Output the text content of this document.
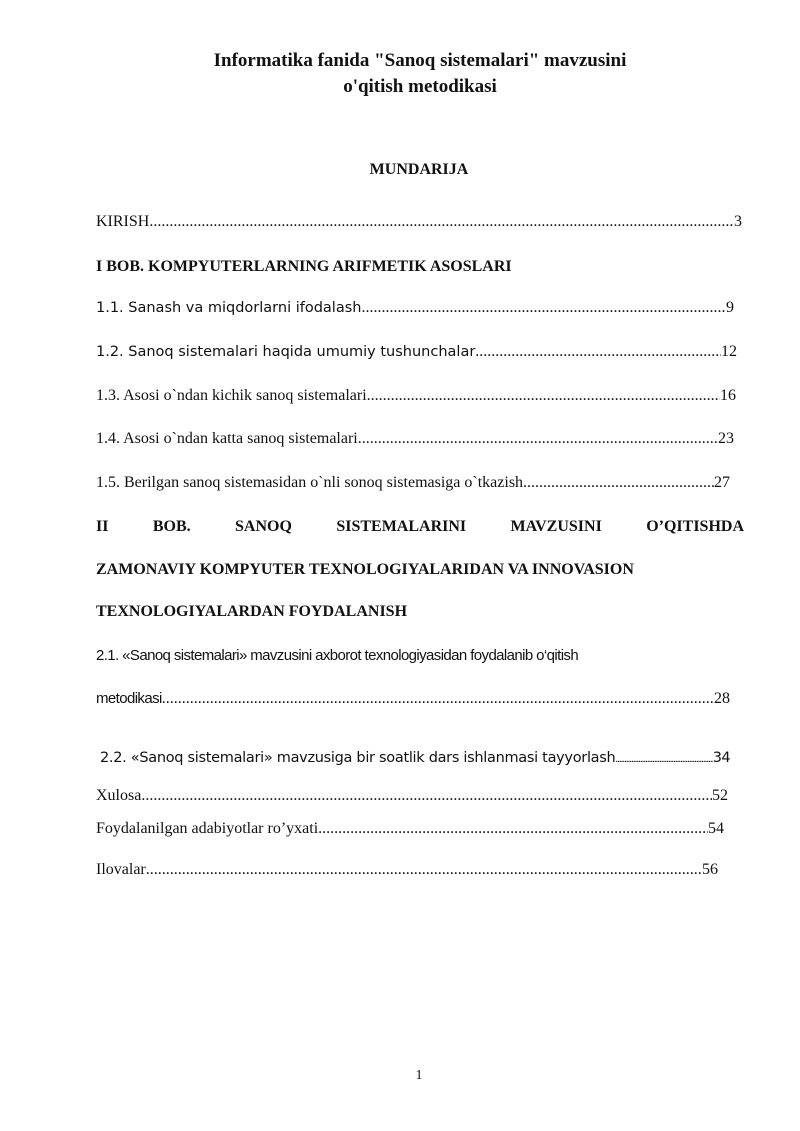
Informatika fanida "Sanoq sistemalari" mavzusini
o'qitish metodikasi
MUNDARIJA
KIRISH .....	3
I BOB. KOMPYUTERLARNING ARIFMETIK ASOSLARI
1.1. Sanash va miqdorlarni ifodalash .....	9
1.2. Sanoq sistemalari haqida umumiy tushunchalar .....	12
1.3. Asosi o`ndan kichik sanoq sistemalari .....	16
1.4. Asosi o`ndan katta sanoq sistemalari .....	23
1.5. Berilgan sanoq sistemasidan o`nli sonoq sistemasiga o`tkazish .....	27
II	BOB.	SANOQ	SISTEMALARINI	MAVZUSINI	O’QITISHDA
ZAMONAVIY KOMPYUTER TEXNOLOGIYALARIDAN VA INNOVASION
TEXNOLOGIYALARDAN FOYDALANISH
2.1. «Sanoq sistemalari» mavzusini axborot texnologiyasidan foydalanib o‘qitish
metodikasi .....	28
2.2. «Sanoq sistеmalari» mavzusiga bir soatlik dars ishlanmasi tayyorlash .....	34
Xulosa .....	52
Foydalanilgan adabiyotlar ro’yxati .....	54
Ilovalar .....	56
1
